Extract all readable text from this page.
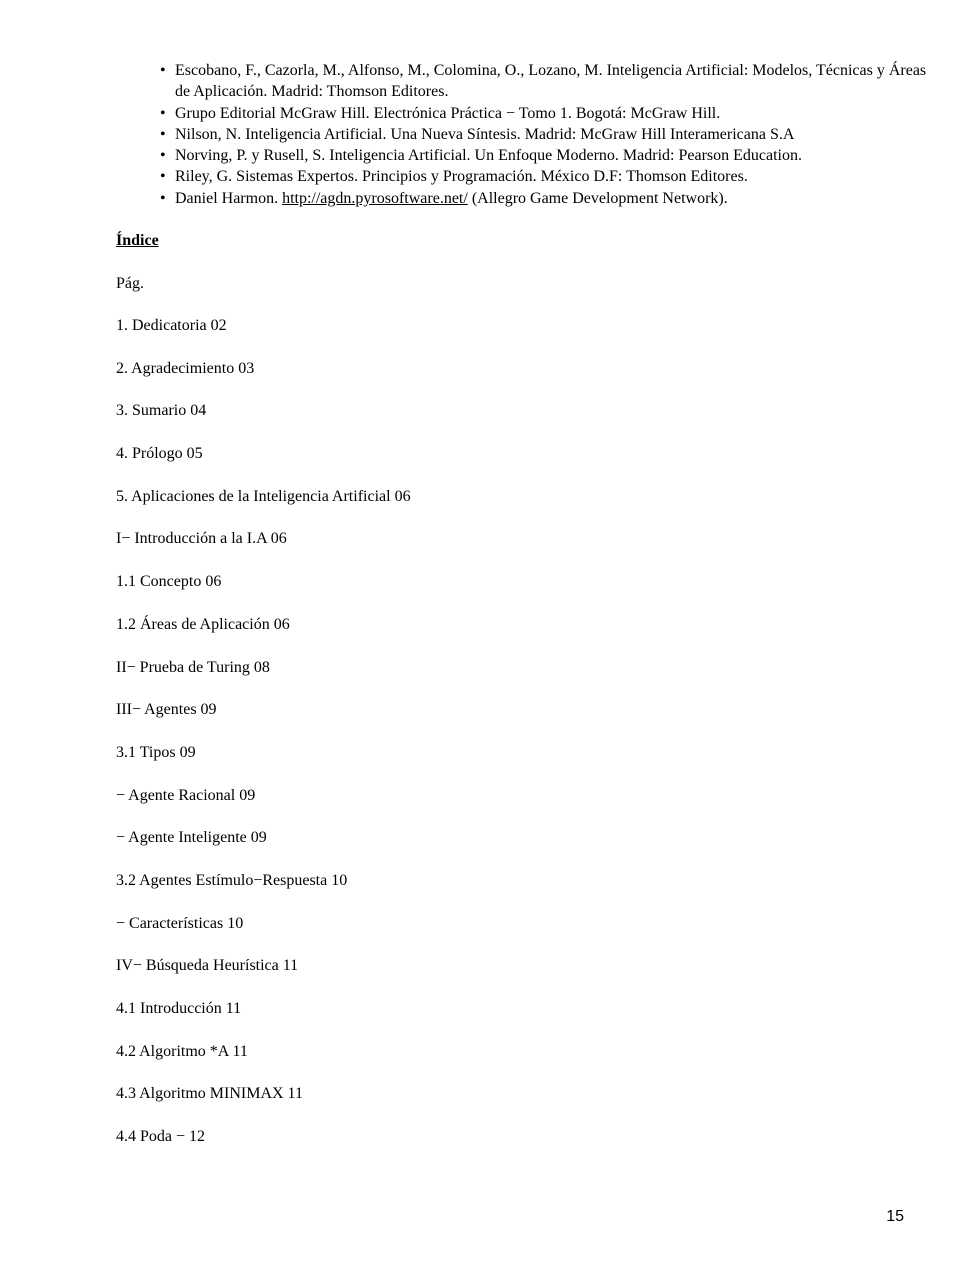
• Escobano, F., Cazorla, M., Alfonso, M., Colomina, O., Lozano, M. Inteligencia Artificial: Modelos, Técnicas y Áreas de Aplicación. Madrid: Thomson Editores.
• Grupo Editorial McGraw Hill. Electrónica Práctica − Tomo 1. Bogotá: McGraw Hill.
• Nilson, N. Inteligencia Artificial. Una Nueva Síntesis. Madrid: McGraw Hill Interamericana S.A
• Norving, P. y Rusell, S. Inteligencia Artificial. Un Enfoque Moderno. Madrid: Pearson Education.
• Riley, G. Sistemas Expertos. Principios y Programación. México D.F: Thomson Editores.
• Daniel Harmon. http://agdn.pyrosoftware.net/ (Allegro Game Development Network).
Índice
Pág.
1. Dedicatoria 02
2. Agradecimiento 03
3. Sumario 04
4. Prólogo 05
5. Aplicaciones de la Inteligencia Artificial 06
I− Introducción a la I.A 06
1.1 Concepto 06
1.2 Áreas de Aplicación 06
II− Prueba de Turing 08
III− Agentes 09
3.1 Tipos 09
− Agente Racional 09
− Agente Inteligente 09
3.2 Agentes Estímulo−Respuesta 10
− Características 10
IV− Búsqueda Heurística 11
4.1 Introducción 11
4.2 Algoritmo *A 11
4.3 Algoritmo MINIMAX 11
4.4 Poda − 12
15
